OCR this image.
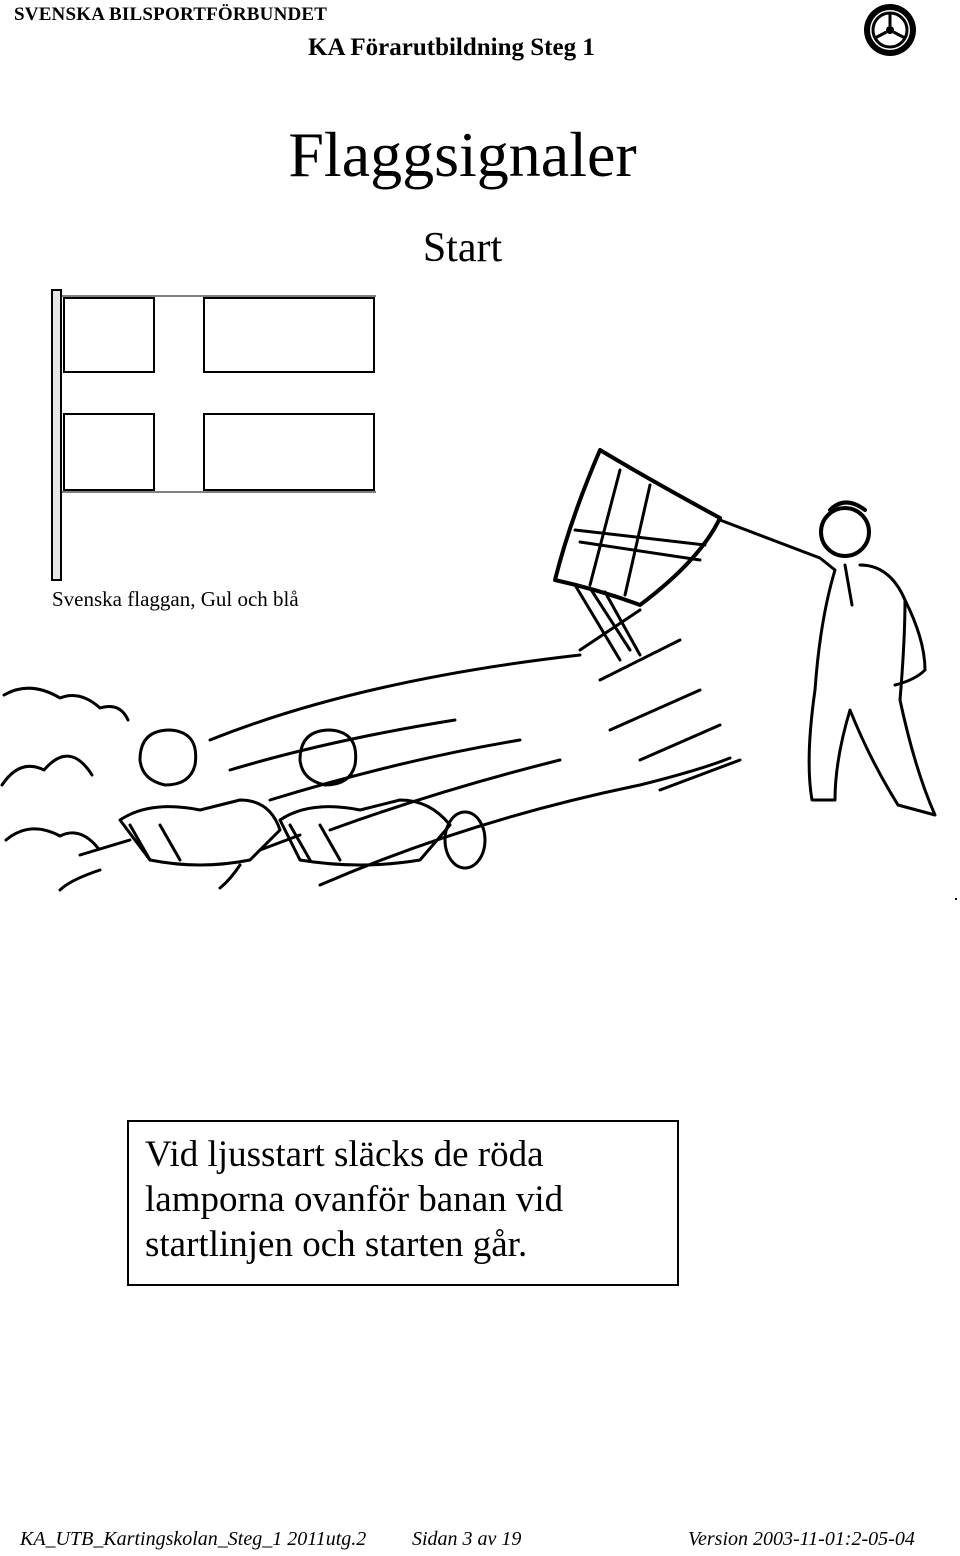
SVENSKA BILSPORTFÖRBUNDET
KA Förarutbildning Steg 1
Flaggsignaler
Start
Svenska flaggan, Gul och blå
Vid ljusstart släcks de röda
lamporna ovanför banan vid
startlinjen och starten går.
KA_UTB_Kartingskolan_Steg_1 2011utg.2 Sidan 3 av 19	Version 2003-11-01:2-05-04
